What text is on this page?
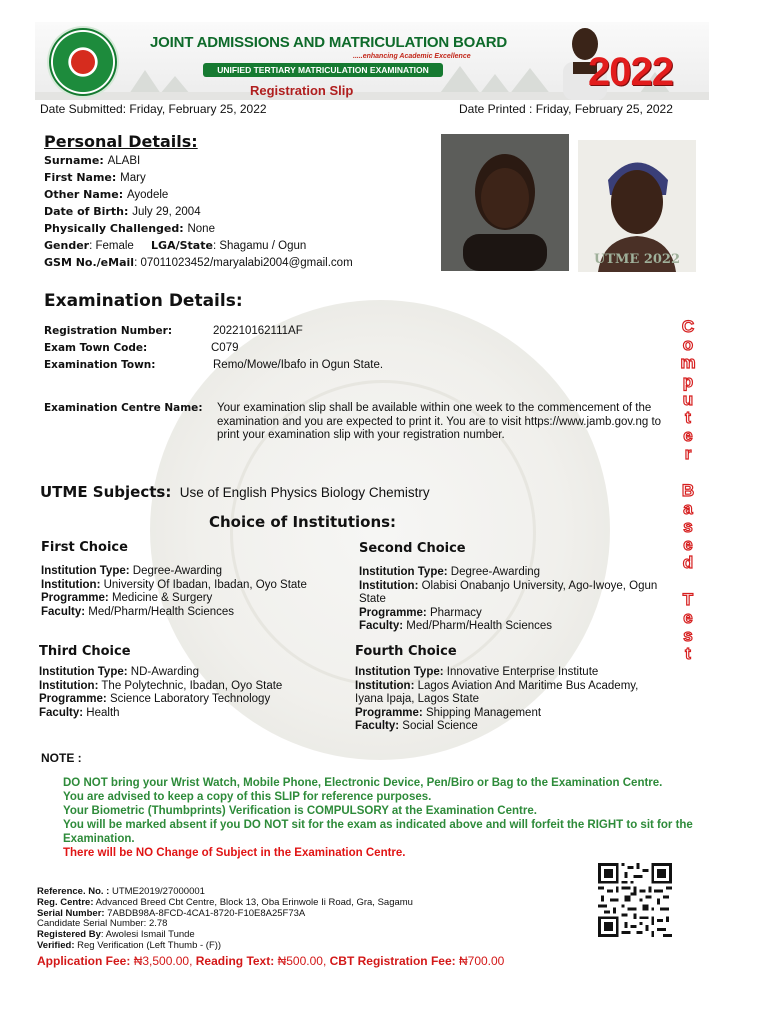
JOINT ADMISSIONS AND MATRICULATION BOARD
.....enhancing Academic Excellence
UNIFIED TERTIARY MATRICULATION EXAMINATION
Registration Slip	2022
Date Submitted: Friday, February 25, 2022	Date Printed : Friday, February 25, 2022
Personal Details:
Surname: ALABI
First Name: Mary
Other Name: Ayodele
Date of Birth: July 29, 2004
Physically Challenged: None
Gender: Female LGA/State: Shagamu / Ogun
GSM No./eMail: 07011023452/maryalabi2004@gmail.com	UTME 2022
Examination Details:
Registration Number:	202210162111AF
Exam Town Code:	C079
Examination Town:	Remo/Mowe/Ibafo in Ogun State.
Examination Centre Name: Your examination slip shall be available within one week to the commencement of the examination and you are expected to print it. You are to visit https://www.jamb.gov.ng to print your examination slip with your registration number.
UTME Subjects: Use of English Physics Biology Chemistry
Choice of Institutions:
First Choice
Institution Type: Degree-Awarding
Institution: University Of Ibadan, Ibadan, Oyo State
Programme: Medicine & Surgery
Faculty: Med/Pharm/Health Sciences
Second Choice
Institution Type: Degree-Awarding
Institution: Olabisi Onabanjo University, Ago-Iwoye, Ogun State
Programme: Pharmacy
Faculty: Med/Pharm/Health Sciences
Third Choice
Institution Type: ND-Awarding
Institution: The Polytechnic, Ibadan, Oyo State
Programme: Science Laboratory Technology
Faculty: Health
Fourth Choice
Institution Type: Innovative Enterprise Institute
Institution: Lagos Aviation And Maritime Bus Academy, Iyana Ipaja, Lagos State
Programme: Shipping Management
Faculty: Social Science
C
o
m
p
u
t
e
r
B
a
s
e
d
T
e
s
t
NOTE :
DO NOT bring your Wrist Watch, Mobile Phone, Electronic Device, Pen/Biro or Bag to the Examination Centre.
You are advised to keep a copy of this SLIP for reference purposes.
Your Biometric (Thumbprints) Verification is COMPULSORY at the Examination Centre.
You will be marked absent if you DO NOT sit for the exam as indicated above and will forfeit the RIGHT to sit for the Examination.
There will be NO Change of Subject in the Examination Centre.
Reference. No. : UTME2019/27000001
Reg. Centre: Advanced Breed Cbt Centre, Block 13, Oba Erinwole Ii Road, Gra, Sagamu
Serial Number: 7ABDB98A-8FCD-4CA1-8720-F10E8A25F73A
Candidate Serial Number: 2.78
Registered By: Awolesi Ismail Tunde
Verified: Reg Verification (Left Thumb - (F))
Application Fee: ₦3,500.00, Reading Text: ₦500.00, CBT Registration Fee: ₦700.00
